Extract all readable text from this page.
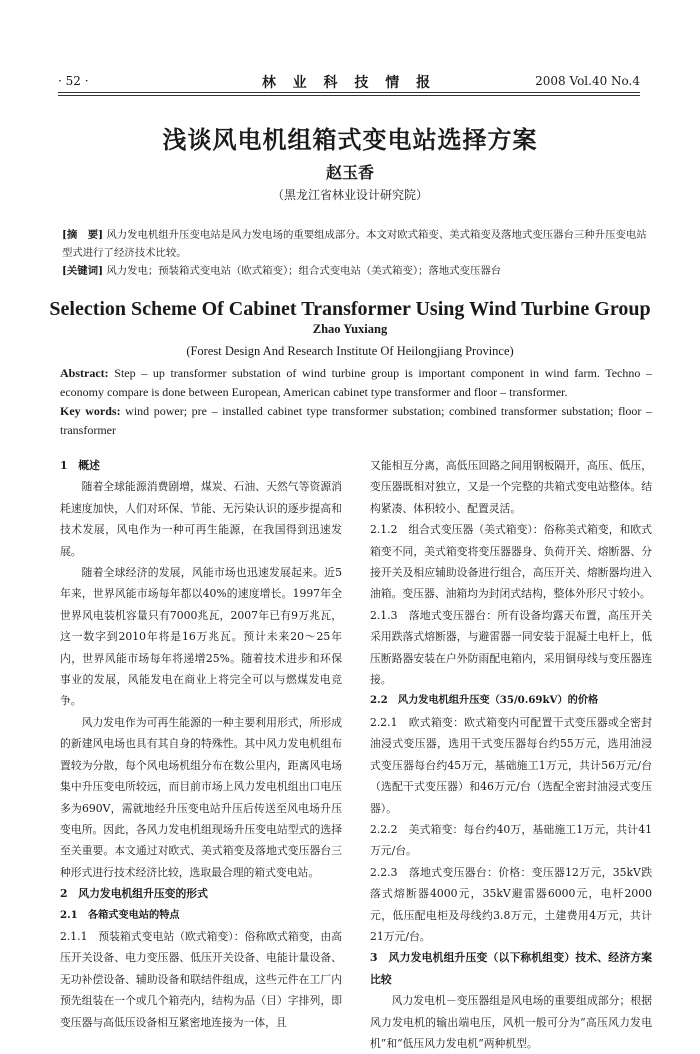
· 52 ·	林 业 科 技 情 报	2008 Vol.40 No.4
浅谈风电机组箱式变电站选择方案
赵玉香
（黑龙江省林业设计研究院）
[摘　要] 风力发电机组升压变电站是风力发电场的重要组成部分。本文对欧式箱变、美式箱变及落地式变压器台三种升压变电站型式进行了经济技术比较。
[关键词] 风力发电；预装箱式变电站（欧式箱变）；组合式变电站（美式箱变）；落地式变压器台
Selection Scheme Of Cabinet Transformer Using Wind Turbine Group
Zhao Yuxiang
(Forest Design And Research Institute Of Heilongjiang Province)
Abstract: Step – up transformer substation of wind turbine group is important component in wind farm. Techno – economy compare is done between European, American cabinet type transformer and floor – transformer.
Key words: wind power; pre – installed cabinet type transformer substation; combined transformer substation; floor – transformer

1　概述

随着全球能源消费剧增，煤炭、石油、天然气等资源消耗速度加快，人们对环保、节能、无污染认识的逐步提高和技术发展，风电作为一种可再生能源，在我国得到迅速发展。

随着全球经济的发展，风能市场也迅速发展起来。近5年来，世界风能市场每年都以40%的速度增长。1997年全世界风电装机容量只有7000兆瓦，2007年已有9万兆瓦，这一数字到2010年将是16万兆瓦。预计未来20～25年内，世界风能市场每年将递增25%。随着技术进步和环保事业的发展，风能发电在商业上将完全可以与燃煤发电竞争。

风力发电作为可再生能源的一种主要利用形式，所形成的新建风电场也具有其自身的特殊性。其中风力发电机组布置较为分散，每个风电场机组分布在数公里内，距离风电场集中升压变电所较远，而目前市场上风力发电机组出口电压多为690V，需就地经升压变电站升压后传送至风电场升压变电所。因此，各风力发电机组现场升压变电站型式的选择至关重要。本文通过对欧式、美式箱变及落地式变压器台三种形式进行技术经济比较，选取最合理的箱式变电站。

2　风力发电机组升压变的形式

2.1　各箱式变电站的特点

2.1.1　预装箱式变电站（欧式箱变）：俗称欧式箱变，由高压开关设备、电力变压器、低压开关设备、电能计量设备、无功补偿设备、辅助设备和联结件组成，这些元件在工厂内预先组装在一个或几个箱壳内，结构为品（目）字排列，即变压器与高低压设备相互紧密地连接为一体，且

又能相互分离，高低压回路之间用钢板隔开，高压、低压，变压器既相对独立，又是一个完整的共箱式变电站整体。结构紧凑、体积较小、配置灵活。

2.1.2　组合式变压器（美式箱变）：俗称美式箱变，和欧式箱变不同，美式箱变将变压器器身、负荷开关、熔断器、分接开关及相应辅助设备进行组合，高压开关、熔断器均进入油箱。变压器、油箱均为封闭式结构，整体外形尺寸较小。

2.1.3　落地式变压器台：所有设备均露天布置，高压开关采用跌落式熔断器，与避雷器一同安装于混凝土电杆上，低压断路器安装在户外防雨配电箱内，采用铜母线与变压器连接。

2.2　风力发电机组升压变（35/0.69kV）的价格

2.2.1　欧式箱变：欧式箱变内可配置干式变压器或全密封油浸式变压器，选用干式变压器每台约55万元，选用油浸式变压器每台约45万元，基础施工1万元，共计56万元/台（选配干式变压器）和46万元/台（选配全密封油浸式变压器）。

2.2.2　美式箱变：每台约40万，基础施工1万元，共计41万元/台。

2.2.3　落地式变压器台：价格：变压器12万元，35kV跌落式熔断器4000元，35kV避雷器6000元，电杆2000元，低压配电柜及母线约3.8万元，土建费用4万元，共计21万元/台。

3　风力发电机组升压变（以下称机组变）技术、经济方案比较

风力发电机－变压器组是风电场的重要组成部分；根据风力发电机的输出端电压，风机一般可分为“高压风力发电机”和“低压风力发电机”两种机型。
